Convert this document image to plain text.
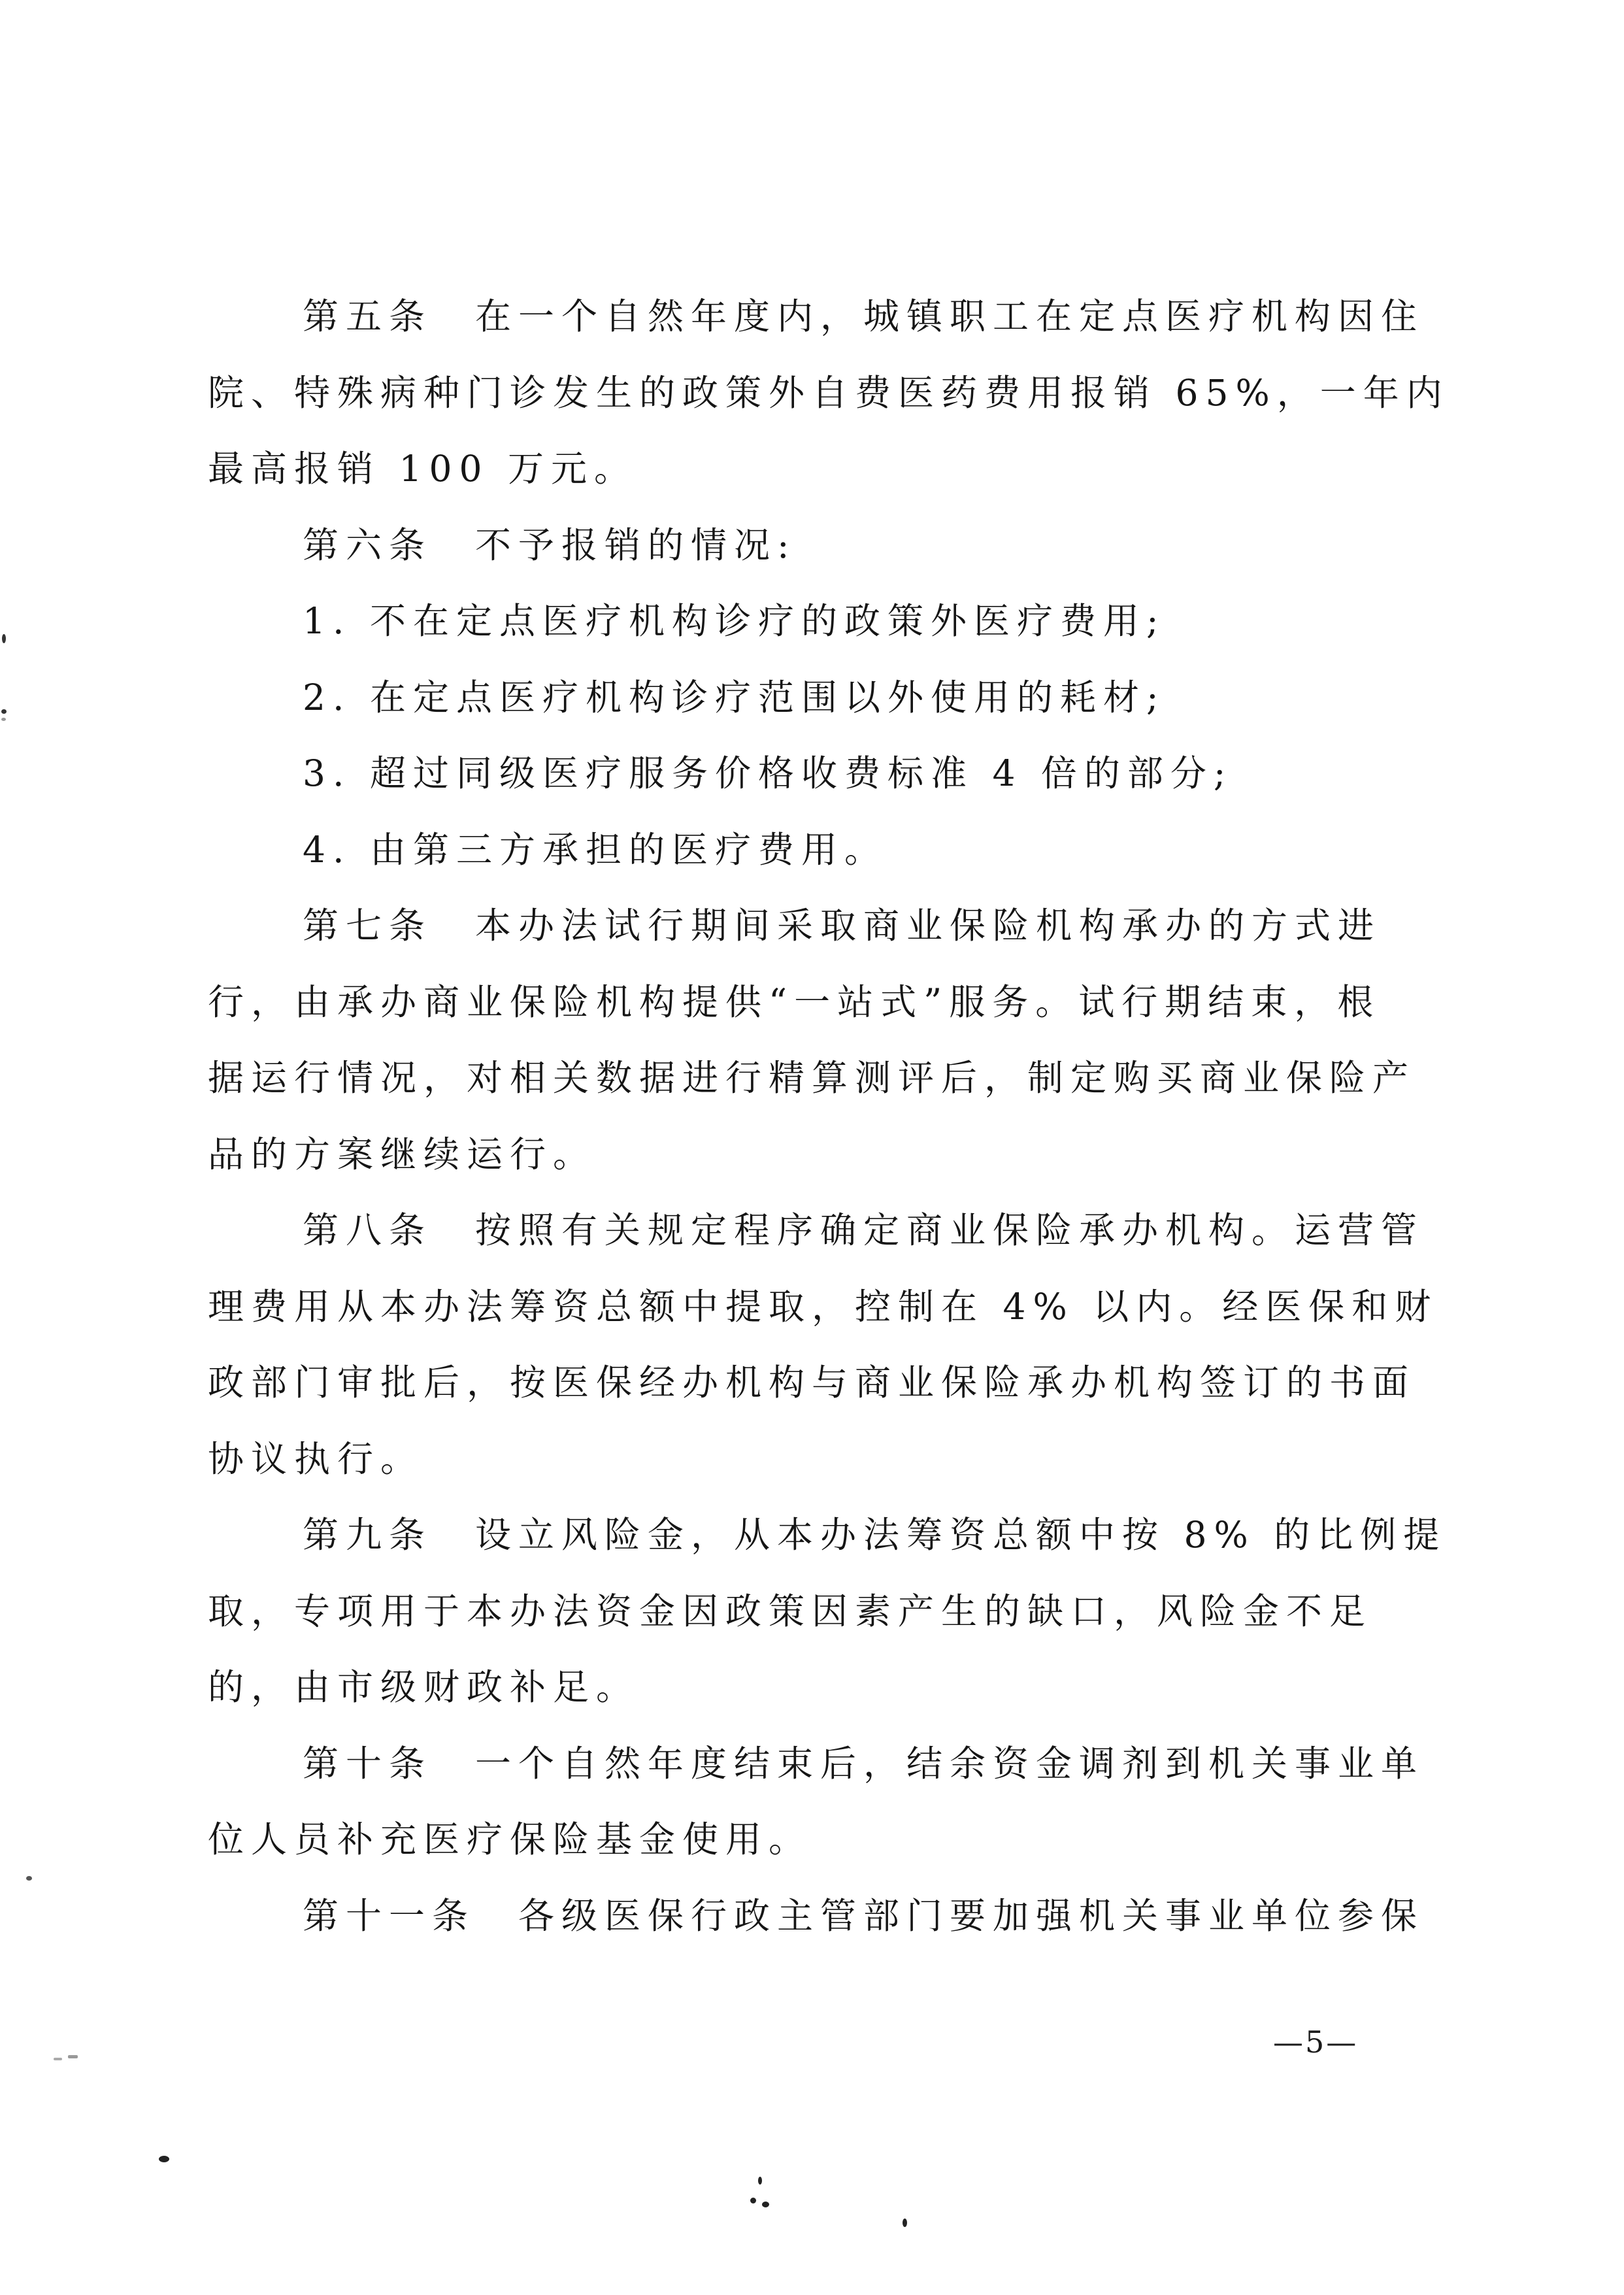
第五条　在一个自然年度内，城镇职工在定点医疗机构因住
院、特殊病种门诊发生的政策外自费医药费用报销 65%，一年内
最高报销 100 万元。
第六条　不予报销的情况:
1. 不在定点医疗机构诊疗的政策外医疗费用;
2. 在定点医疗机构诊疗范围以外使用的耗材;
3. 超过同级医疗服务价格收费标准 4 倍的部分;
4. 由第三方承担的医疗费用。
第七条　本办法试行期间采取商业保险机构承办的方式进
行，由承办商业保险机构提供“一站式”服务。试行期结束，根
据运行情况，对相关数据进行精算测评后，制定购买商业保险产
品的方案继续运行。
第八条　按照有关规定程序确定商业保险承办机构。运营管
理费用从本办法筹资总额中提取，控制在 4% 以内。经医保和财
政部门审批后，按医保经办机构与商业保险承办机构签订的书面
协议执行。
第九条　设立风险金，从本办法筹资总额中按 8% 的比例提
取，专项用于本办法资金因政策因素产生的缺口，风险金不足
的，由市级财政补足。
第十条　一个自然年度结束后，结余资金调剂到机关事业单
位人员补充医疗保险基金使用。
第十一条　各级医保行政主管部门要加强机关事业单位参保
—5—
